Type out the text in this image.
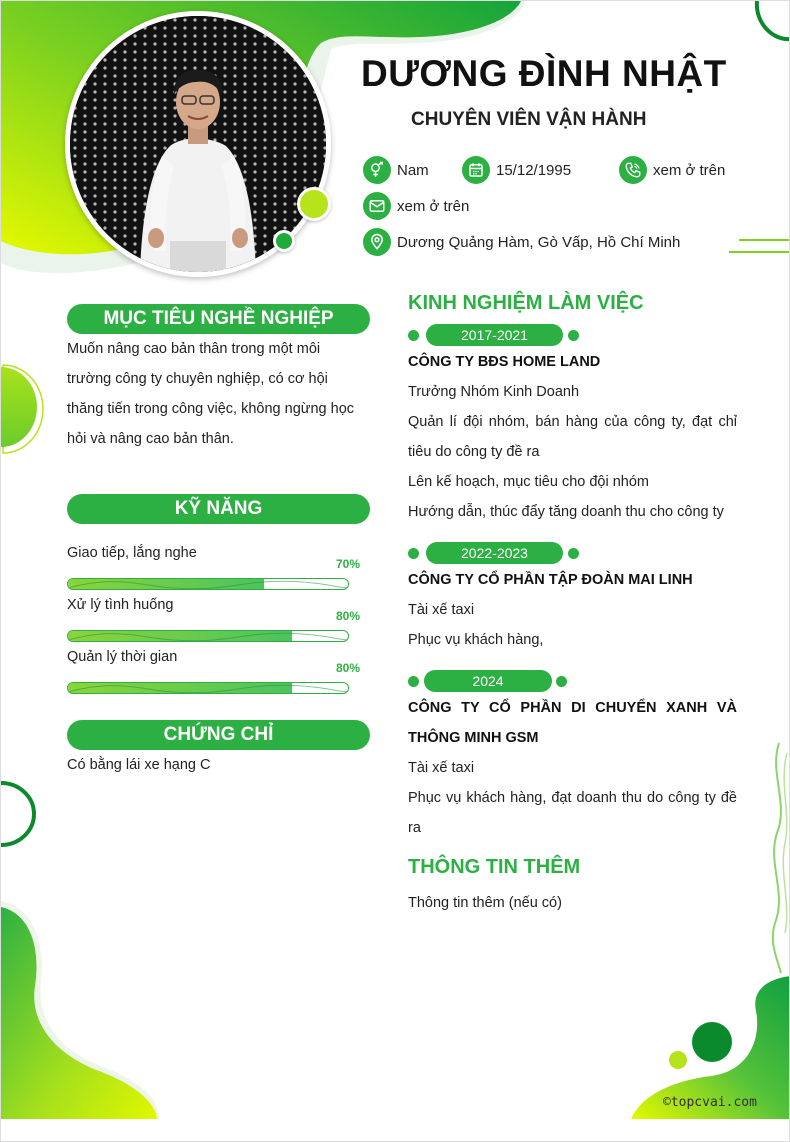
DƯƠNG ĐÌNH NHẬT
CHUYÊN VIÊN VẬN HÀNH
Nam	15/12/1995	xem ở trên
xem ở trên
Dương Quảng Hàm, Gò Vấp, Hồ Chí Minh
MỤC TIÊU NGHỀ NGHIỆP
Muốn nâng cao bản thân trong một môi trường công ty chuyên nghiệp, có cơ hội thăng tiến trong công việc, không ngừng học hỏi và nâng cao bản thân.
KỸ NĂNG
Giao tiếp, lắng nghe
70%
Xử lý tình huống
80%
Quản lý thời gian
80%
CHỨNG CHỈ
Có bằng lái xe hạng C
KINH NGHIỆM LÀM VIỆC
2017-2021
CÔNG TY BĐS HOME LAND
Trưởng Nhóm Kinh Doanh
Quản lí đội nhóm, bán hàng của công ty, đạt chỉ tiêu do công ty đề ra
Lên kế hoạch, mục tiêu cho đội nhóm
Hướng dẫn, thúc đẩy tăng doanh thu cho công ty
2022-2023
CÔNG TY CỔ PHẦN TẬP ĐOÀN MAI LINH
Tài xế taxi
Phục vụ khách hàng,
2024
CÔNG TY CỔ PHẦN DI CHUYỂN XANH VÀ THÔNG MINH GSM
Tài xế taxi
Phục vụ khách hàng, đạt doanh thu do công ty đề ra
THÔNG TIN THÊM
Thông tin thêm (nếu có)
©topcvai.com
